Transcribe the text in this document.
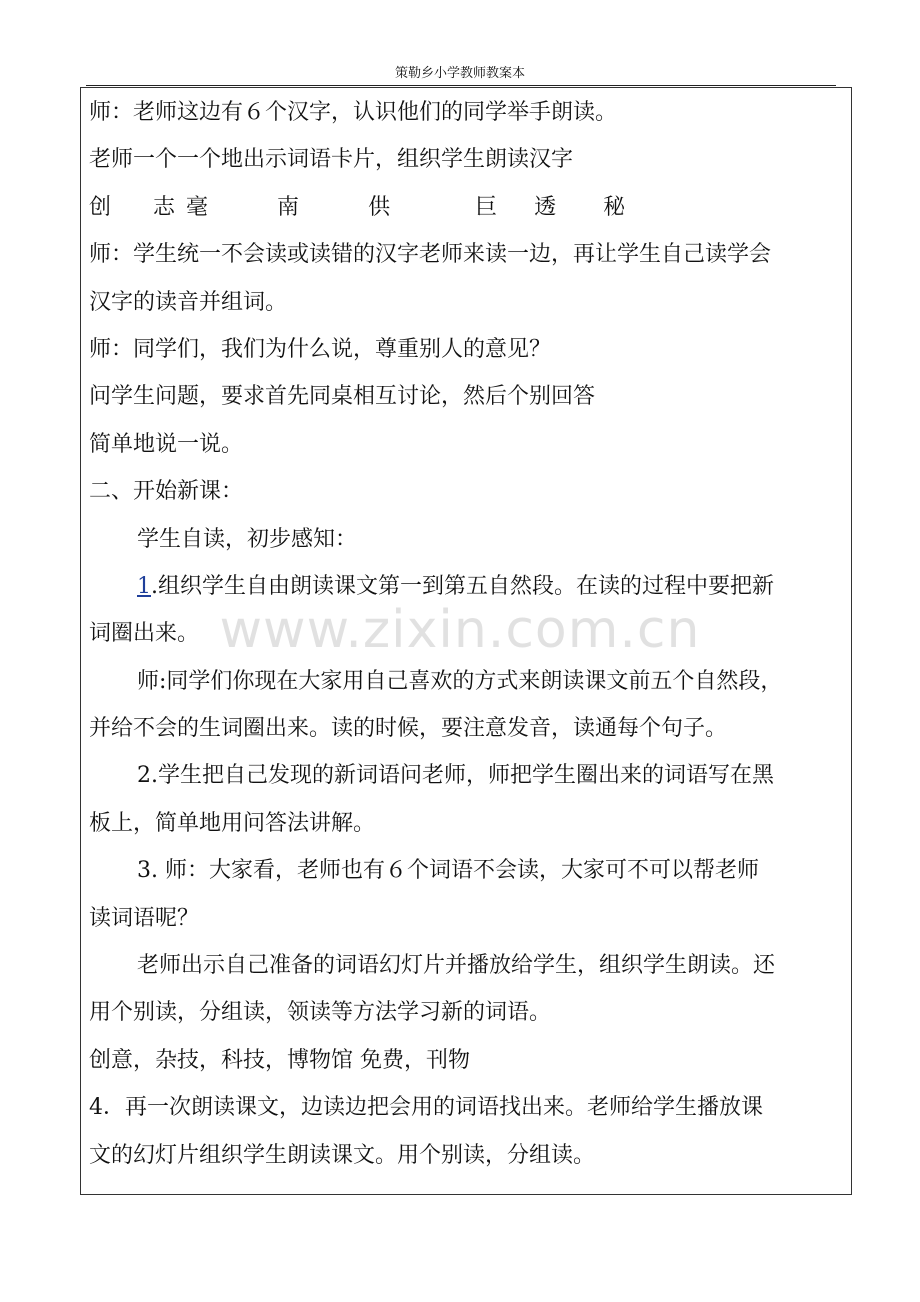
策勒乡小学教师教案本
www.zixin.com.cn
师：老师这边有６个汉字，认识他们的同学举手朗读。
老师一个一个地出示词语卡片，组织学生朗读汉字
创 志 毫	南	供	巨 透 秘
师：学生统一不会读或读错的汉字老师来读一边，再让学生自己读学会
汉字的读音并组词。
师：同学们，我们为什么说，尊重别人的意见？
问学生问题，要求首先同桌相互讨论，然后个别回答
简单地说一说。
二、开始新课：
学生自读，初步感知：
1.组织学生自由朗读课文第一到第五自然段。在读的过程中要把新
词圈出来。
师:同学们你现在大家用自己喜欢的方式来朗读课文前五个自然段，
并给不会的生词圈出来。读的时候，要注意发音，读通每个句子。
2.学生把自己发现的新词语问老师，师把学生圈出来的词语写在黑
板上，简单地用问答法讲解。
3. 师：大家看，老师也有６个词语不会读，大家可不可以帮老师
读词语呢？
老师出示自己准备的词语幻灯片并播放给学生，组织学生朗读。还
用个别读，分组读，领读等方法学习新的词语。
创意，杂技，科技，博物馆 免费，刊物
4．再一次朗读课文，边读边把会用的词语找出来。老师给学生播放课
文的幻灯片组织学生朗读课文。用个别读，分组读。
